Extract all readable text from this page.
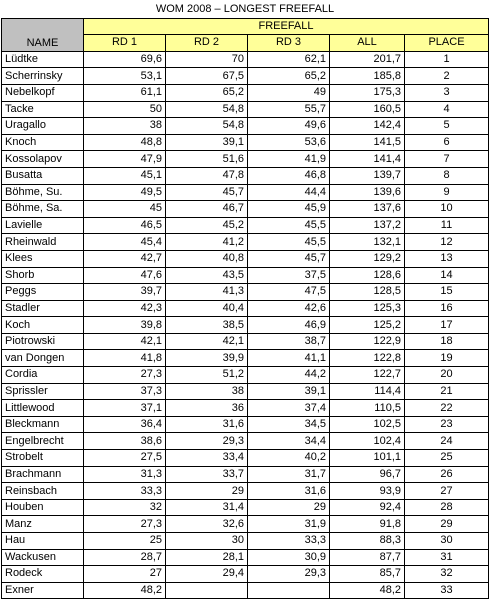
WOM 2008 – LONGEST FREEFALL					
NAME	FREEFALL				
	RD 1	RD 2	RD 3	ALL	PLACE
Lüdtke	69,6	70	62,1	201,7	1
Scherrinsky	53,1	67,5	65,2	185,8	2
Nebelkopf	61,1	65,2	49	175,3	3
Tacke	50	54,8	55,7	160,5	4
Uragallo	38	54,8	49,6	142,4	5
Knoch	48,8	39,1	53,6	141,5	6
Kossolapov	47,9	51,6	41,9	141,4	7
Busatta	45,1	47,8	46,8	139,7	8
Böhme, Su.	49,5	45,7	44,4	139,6	9
Böhme, Sa.	45	46,7	45,9	137,6	10
Lavielle	46,5	45,2	45,5	137,2	11
Rheinwald	45,4	41,2	45,5	132,1	12
Klees	42,7	40,8	45,7	129,2	13
Shorb	47,6	43,5	37,5	128,6	14
Peggs	39,7	41,3	47,5	128,5	15
Stadler	42,3	40,4	42,6	125,3	16
Koch	39,8	38,5	46,9	125,2	17
Piotrowski	42,1	42,1	38,7	122,9	18
van Dongen	41,8	39,9	41,1	122,8	19
Cordia	27,3	51,2	44,2	122,7	20
Sprissler	37,3	38	39,1	114,4	21
Littlewood	37,1	36	37,4	110,5	22
Bleckmann	36,4	31,6	34,5	102,5	23
Engelbrecht	38,6	29,3	34,4	102,4	24
Strobelt	27,5	33,4	40,2	101,1	25
Brachmann	31,3	33,7	31,7	96,7	26
Reinsbach	33,3	29	31,6	93,9	27
Houben	32	31,4	29	92,4	28
Manz	27,3	32,6	31,9	91,8	29
Hau	25	30	33,3	88,3	30
Wackusen	28,7	28,1	30,9	87,7	31
Rodeck	27	29,4	29,3	85,7	32
Exner	48,2			48,2	33
